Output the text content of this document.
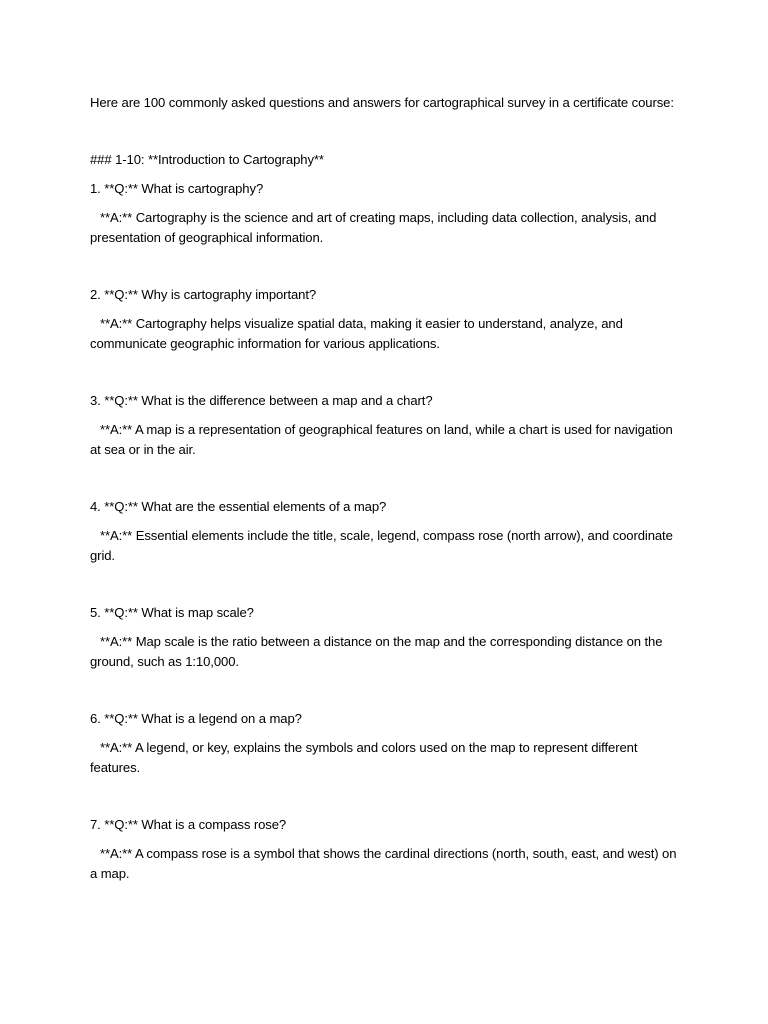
Here are 100 commonly asked questions and answers for cartographical survey in a certificate course:

### 1-10: **Introduction to Cartography**

1. **Q:** What is cartography?

**A:** Cartography is the science and art of creating maps, including data collection, analysis, and presentation of geographical information.

2. **Q:** Why is cartography important?

**A:** Cartography helps visualize spatial data, making it easier to understand, analyze, and communicate geographic information for various applications.

3. **Q:** What is the difference between a map and a chart?

**A:** A map is a representation of geographical features on land, while a chart is used for navigation at sea or in the air.

4. **Q:** What are the essential elements of a map?

**A:** Essential elements include the title, scale, legend, compass rose (north arrow), and coordinate grid.

5. **Q:** What is map scale?

**A:** Map scale is the ratio between a distance on the map and the corresponding distance on the ground, such as 1:10,000.

6. **Q:** What is a legend on a map?

**A:** A legend, or key, explains the symbols and colors used on the map to represent different features.

7. **Q:** What is a compass rose?

**A:** A compass rose is a symbol that shows the cardinal directions (north, south, east, and west) on a map.
